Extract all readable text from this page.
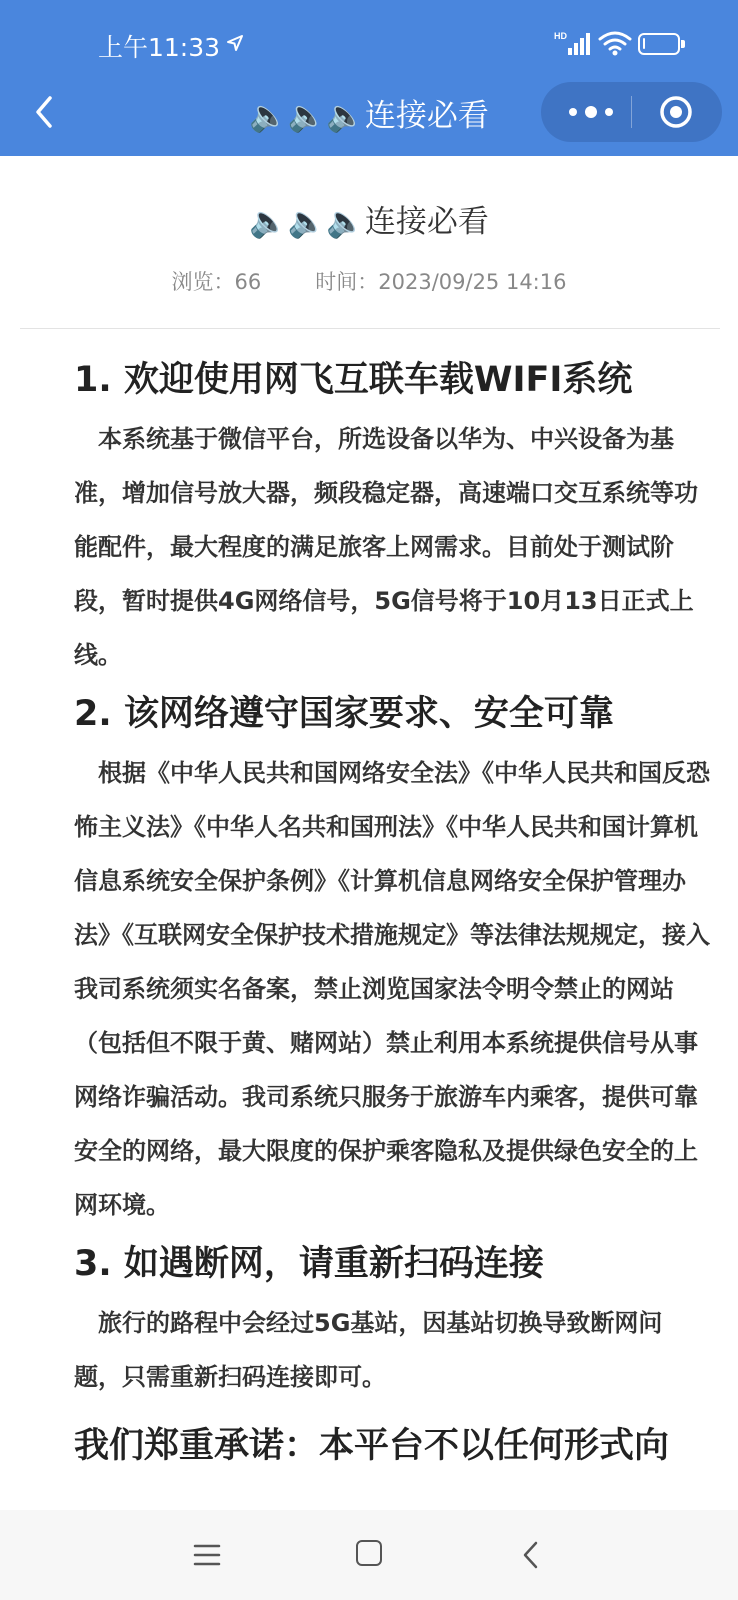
上午11:33	HD	7
🔈🔈🔈连接必看
🔈🔈🔈连接必看
浏览：66	时间：2023/09/25 14:16
1. 欢迎使用网飞互联车载WIFI系统
本系统基于微信平台，所选设备以华为、中兴设备为基准，增加信号放大器，频段稳定器，高速端口交互系统等功能配件，最大程度的满足旅客上网需求。目前处于测试阶段，暂时提供4G网络信号，5G信号将于10月13日正式上线。
2. 该网络遵守国家要求、安全可靠
根据《中华人民共和国网络安全法》《中华人民共和国反恐怖主义法》《中华人名共和国刑法》《中华人民共和国计算机信息系统安全保护条例》《计算机信息网络安全保护管理办法》《互联网安全保护技术措施规定》等法律法规规定，接入我司系统须实名备案，禁止浏览国家法令明令禁止的网站（包括但不限于黄、赌网站）禁止利用本系统提供信号从事网络诈骗活动。我司系统只服务于旅游车内乘客，提供可靠安全的网络，最大限度的保护乘客隐私及提供绿色安全的上网环境。
3. 如遇断网，请重新扫码连接
旅行的路程中会经过5G基站，因基站切换导致断网问题，只需重新扫码连接即可。
我们郑重承诺：本平台不以任何形式向
